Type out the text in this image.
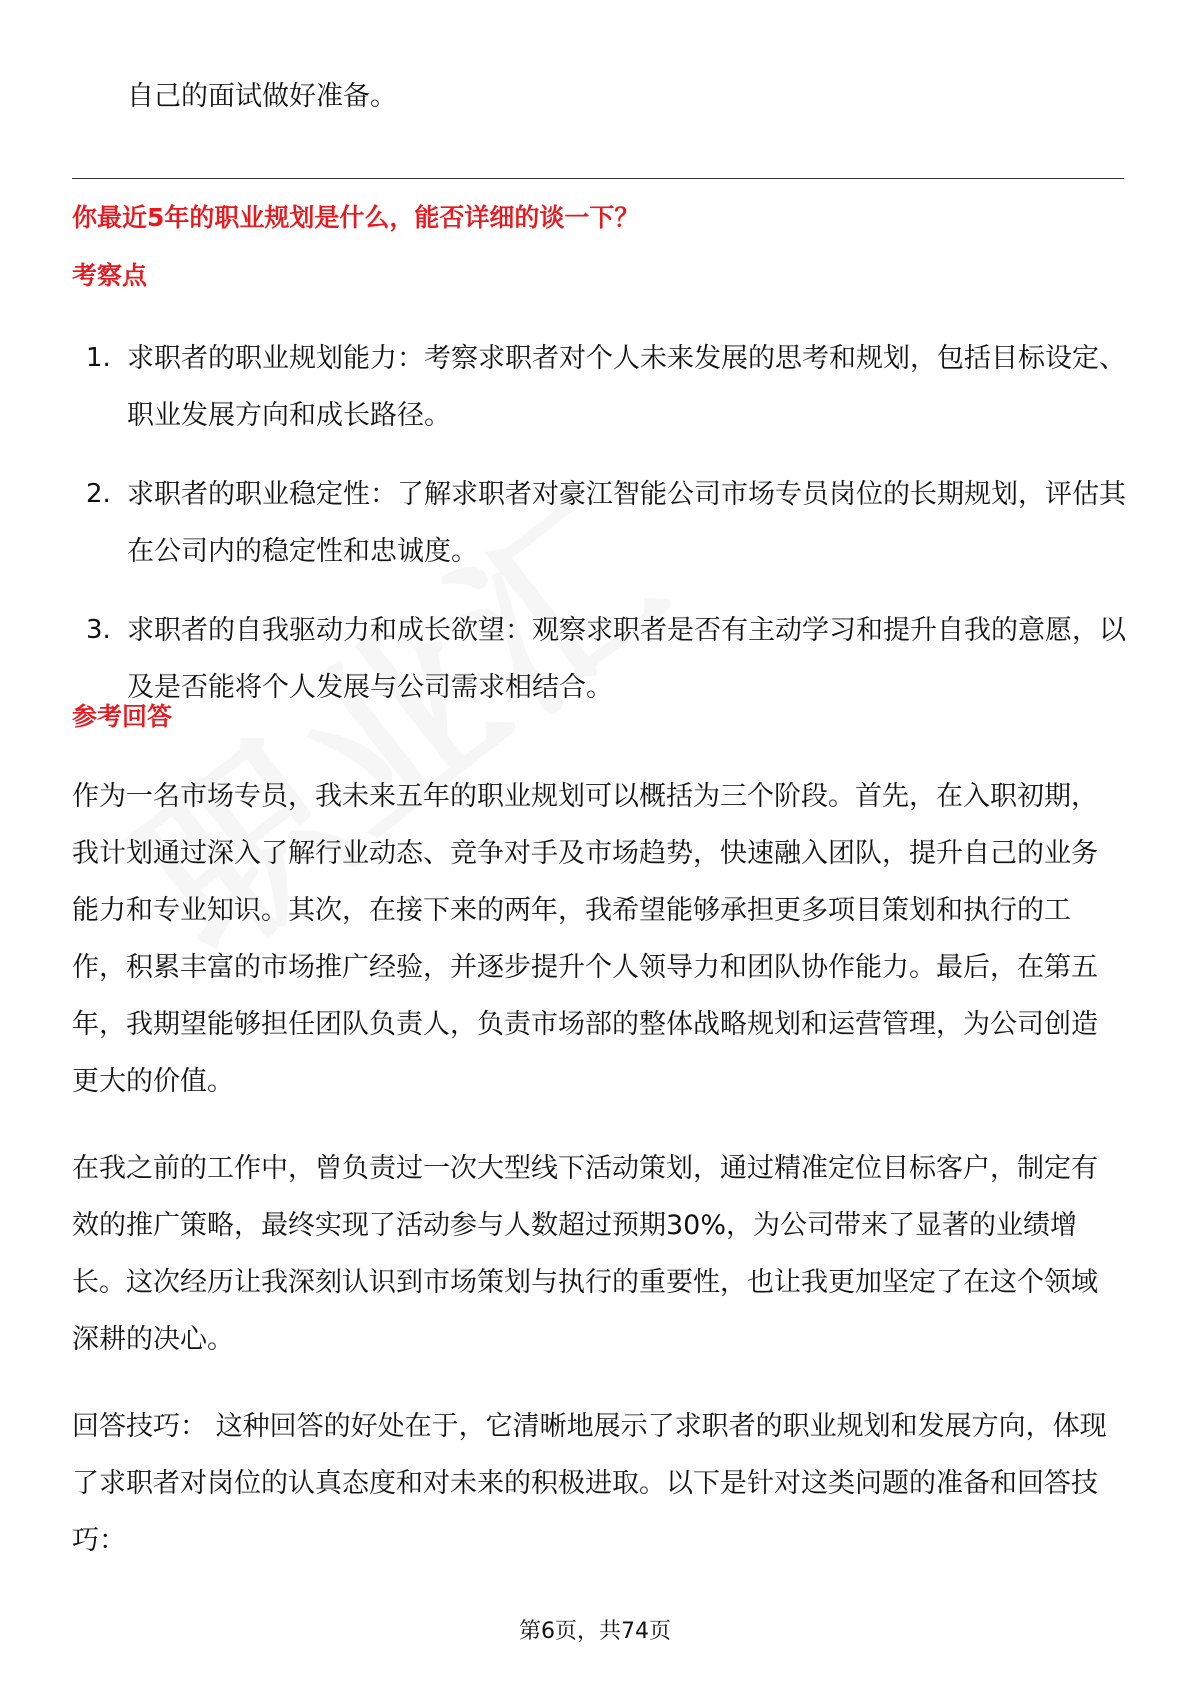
自己的面试做好准备。
你最近5年的职业规划是什么，能否详细的谈一下？
考察点
1. 求职者的职业规划能力：考察求职者对个人未来发展的思考和规划，包括目标设定、职业发展方向和成长路径。
2. 求职者的职业稳定性：了解求职者对豪江智能公司市场专员岗位的长期规划，评估其在公司内的稳定性和忠诚度。
3. 求职者的自我驱动力和成长欲望：观察求职者是否有主动学习和提升自我的意愿，以及是否能将个人发展与公司需求相结合。
参考回答

作为一名市场专员，我未来五年的职业规划可以概括为三个阶段。首先，在入职初期，我计划通过深入了解行业动态、竞争对手及市场趋势，快速融入团队，提升自己的业务能力和专业知识。其次，在接下来的两年，我希望能够承担更多项目策划和执行的工作，积累丰富的市场推广经验，并逐步提升个人领导力和团队协作能力。最后，在第五年，我期望能够担任团队负责人，负责市场部的整体战略规划和运营管理，为公司创造更大的价值。

在我之前的工作中，曾负责过一次大型线下活动策划，通过精准定位目标客户，制定有效的推广策略，最终实现了活动参与人数超过预期30%，为公司带来了显著的业绩增长。这次经历让我深刻认识到市场策划与执行的重要性，也让我更加坚定了在这个领域深耕的决心。

回答技巧： 这种回答的好处在于，它清晰地展示了求职者的职业规划和发展方向，体现了求职者对岗位的认真态度和对未来的积极进取。以下是针对这类问题的准备和回答技巧：

第6页，共74页
